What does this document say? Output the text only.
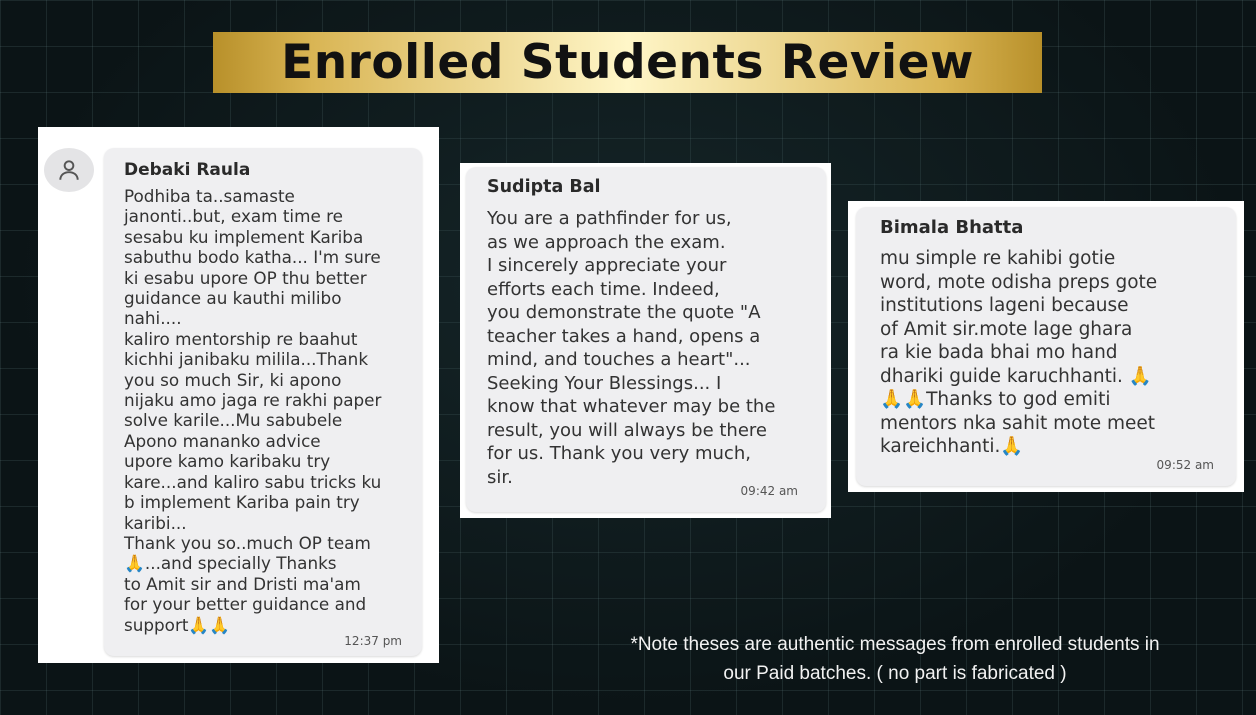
Enrolled Students Review
Debaki Raula
Podhiba ta..samaste
janonti..but, exam time re
sesabu ku implement Kariba
sabuthu bodo katha... I'm sure
ki esabu upore OP thu better
guidance au kauthi milibo
nahi....
kaliro mentorship re baahut
kichhi janibaku milila...Thank
you so much Sir, ki apono
nijaku amo jaga re rakhi paper
solve karile...Mu sabubele
Apono mananko advice
upore kamo karibaku try
kare...and kaliro sabu tricks ku
b implement Kariba pain try
karibi...
Thank you so..much OP team
🙏...and specially Thanks
to Amit sir and Dristi ma'am
for your better guidance and
support🙏🙏
12:37 pm
Sudipta Bal
You are a pathfinder for us,
as we approach the exam.
I sincerely appreciate your
efforts each time. Indeed,
you demonstrate the quote "A
teacher takes a hand, opens a
mind, and touches a heart"...
Seeking Your Blessings... I
know that whatever may be the
result, you will always be there
for us. Thank you very much,
sir.
09:42 am
Bimala Bhatta
mu simple re kahibi gotie
word, mote odisha preps gote
institutions lageni because
of Amit sir.mote lage ghara
ra kie bada bhai mo hand
dhariki guide karuchhanti. 🙏
🙏🙏Thanks to god emiti
mentors nka sahit mote meet
kareichhanti.🙏
09:52 am
*Note theses are authentic messages from enrolled students in
our Paid batches. ( no part is fabricated )
